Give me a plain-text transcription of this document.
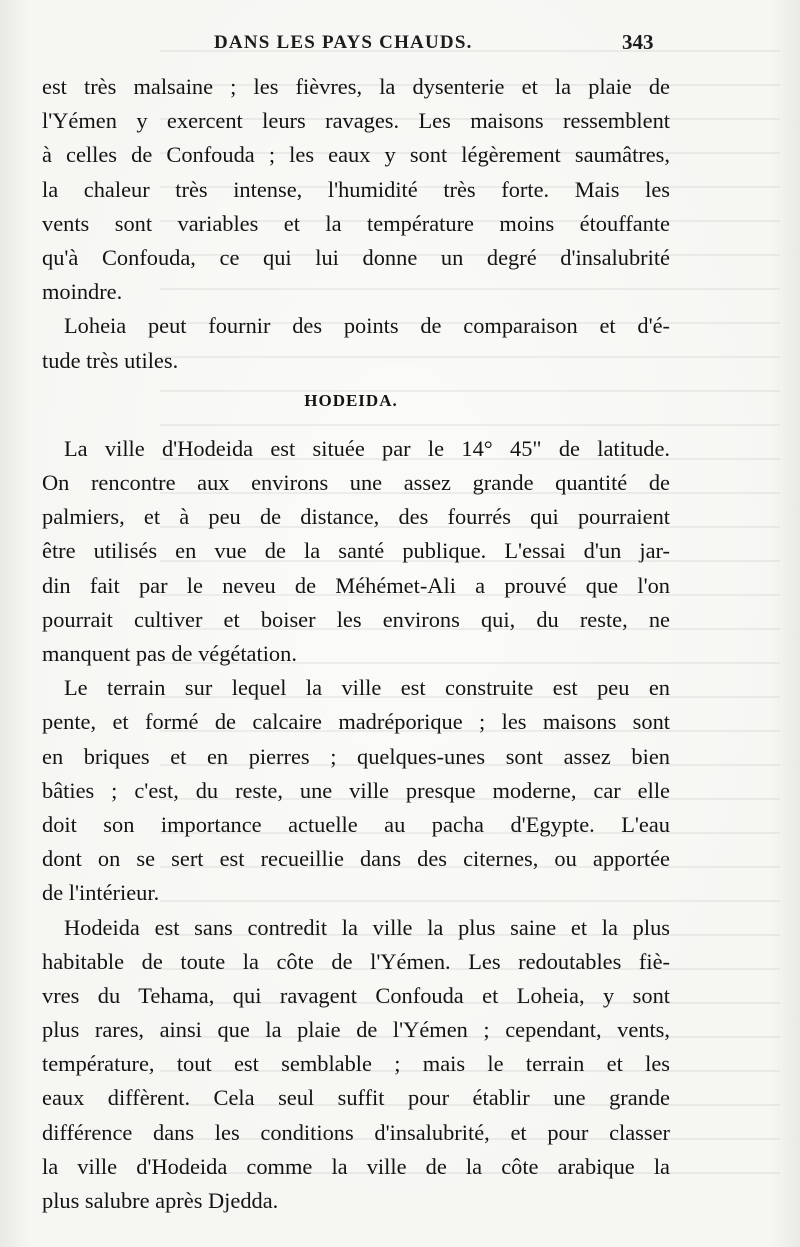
DANS LES PAYS CHAUDS.	343
est très malsaine ; les fièvres, la dysenterie et la plaie de
l'Yémen y exercent leurs ravages. Les maisons ressemblent
à celles de Confouda ; les eaux y sont légèrement saumâtres,
la chaleur très intense, l'humidité très forte. Mais les
vents sont variables et la température moins étouffante
qu'à Confouda, ce qui lui donne un degré d'insalubrité
moindre.
Loheia peut fournir des points de comparaison et d'é-
tude très utiles.
HODEIDA.
La ville d'Hodeida est située par le 14° 45" de latitude.
On rencontre aux environs une assez grande quantité de
palmiers, et à peu de distance, des fourrés qui pourraient
être utilisés en vue de la santé publique. L'essai d'un jar-
din fait par le neveu de Méhémet-Ali a prouvé que l'on
pourrait cultiver et boiser les environs qui, du reste, ne
manquent pas de végétation.
Le terrain sur lequel la ville est construite est peu en
pente, et formé de calcaire madréporique ; les maisons sont
en briques et en pierres ; quelques-unes sont assez bien
bâties ; c'est, du reste, une ville presque moderne, car elle
doit son importance actuelle au pacha d'Egypte. L'eau
dont on se sert est recueillie dans des citernes, ou apportée
de l'intérieur.
Hodeida est sans contredit la ville la plus saine et la plus
habitable de toute la côte de l'Yémen. Les redoutables fiè-
vres du Tehama, qui ravagent Confouda et Loheia, y sont
plus rares, ainsi que la plaie de l'Yémen ; cependant, vents,
température, tout est semblable ; mais le terrain et les
eaux diffèrent. Cela seul suffit pour établir une grande
différence dans les conditions d'insalubrité, et pour classer
la ville d'Hodeida comme la ville de la côte arabique la
plus salubre après Djedda.
